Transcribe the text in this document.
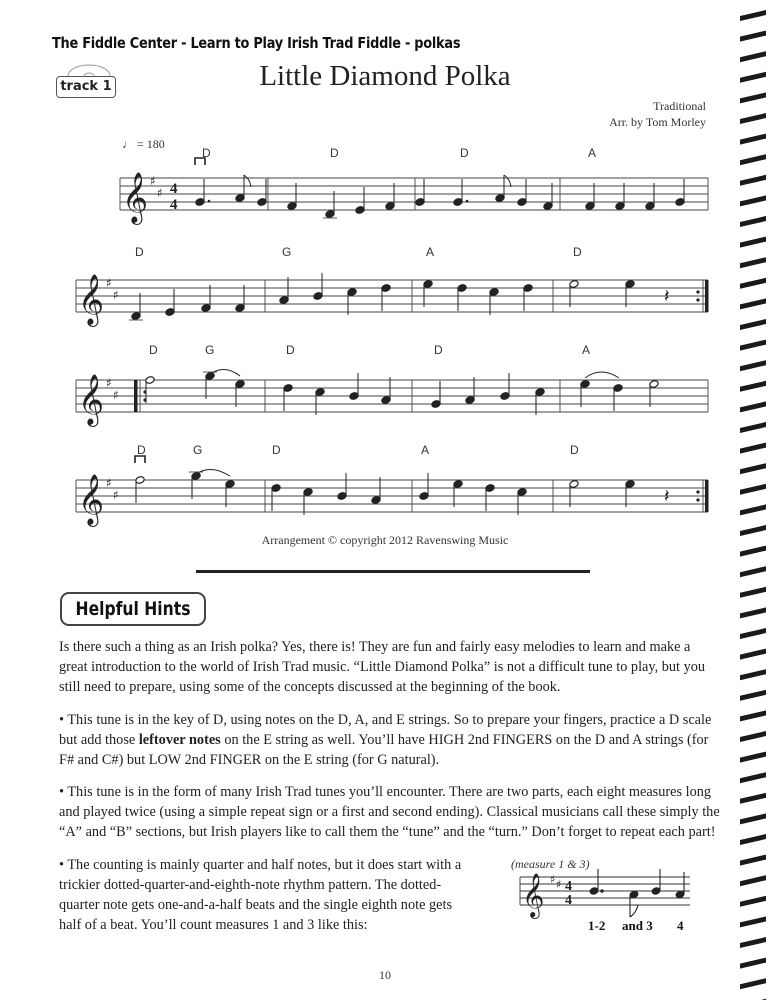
The Fiddle Center - Learn to Play Irish Trad Fiddle - polkas
track 1	Little Diamond Polka
Traditional
Arr. by Tom Morley
♩ = 180
𝄞 ♯
♯ 4
4
D	D	D	A
𝄞 ♯
♯
D	G	A	D
𝄽
𝄞 ♯
♯
D	G	D	D	A
𝄞 ♯
♯
D	G	D	A	D
𝄽
Arrangement © copyright 2012 Ravenswing Music
Helpful Hints

Is there such a thing as an Irish polka? Yes, there is! They are fun and fairly easy melodies to learn and make a great introduction to the world of Irish Trad music. “Little Diamond Polka” is not a difficult tune to play, but you still need to prepare, using some of the concepts discussed at the beginning of the book.

• This tune is in the key of D, using notes on the D, A, and E strings. So to prepare your fingers, practice a D scale but add those leftover notes on the E string as well. You’ll have HIGH 2nd FINGERS on the D and A strings (for F# and C#) but LOW 2nd FINGER on the E string (for G natural).

• This tune is in the form of many Irish Trad tunes you’ll encounter. There are two parts, each eight measures long and played twice (using a simple repeat sign or a first and second ending). Classical musicians call these simply the “A” and “B” sections, but Irish players like to call them the “tune” and the “turn.” Don’t forget to repeat each part!

• The counting is mainly quarter and half notes, but it does start with a trickier dotted-quarter-and-eighth-note rhythm pattern. The dotted-quarter note gets one-and-a-half beats and the single eighth note gets half of a beat. You’ll count measures 1 and 3 like this:

(measure 1 & 3)
𝄞 ♯ ♯ 4
4
1-2 and 3 4
10
